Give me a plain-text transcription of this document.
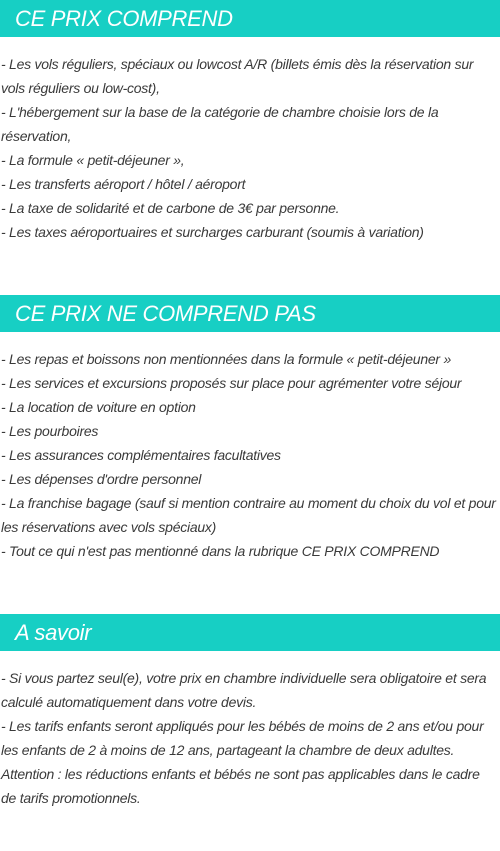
CE PRIX COMPREND
- Les vols réguliers, spéciaux ou lowcost A/R (billets émis dès la réservation sur vols réguliers ou low-cost),
- L'hébergement sur la base de la catégorie de chambre choisie lors de la réservation,
- La formule « petit-déjeuner »,
- Les transferts aéroport / hôtel / aéroport
- La taxe de solidarité et de carbone de 3€ par personne.
- Les taxes aéroportuaires et surcharges carburant (soumis à variation)
CE PRIX NE COMPREND PAS
- Les repas et boissons non mentionnées dans la formule « petit-déjeuner »
- Les services et excursions proposés sur place pour agrémenter votre séjour
- La location de voiture en option
- Les pourboires
- Les assurances complémentaires facultatives
- Les dépenses d'ordre personnel
- La franchise bagage (sauf si mention contraire au moment du choix du vol et pour les réservations avec vols spéciaux)
- Tout ce qui n'est pas mentionné dans la rubrique CE PRIX COMPREND
A savoir
- Si vous partez seul(e), votre prix en chambre individuelle sera obligatoire et sera calculé automatiquement dans votre devis.
- Les tarifs enfants seront appliqués pour les bébés de moins de 2 ans et/ou pour les enfants de 2 à moins de 12 ans, partageant la chambre de deux adultes.
Attention : les réductions enfants et bébés ne sont pas applicables dans le cadre de tarifs promotionnels.
